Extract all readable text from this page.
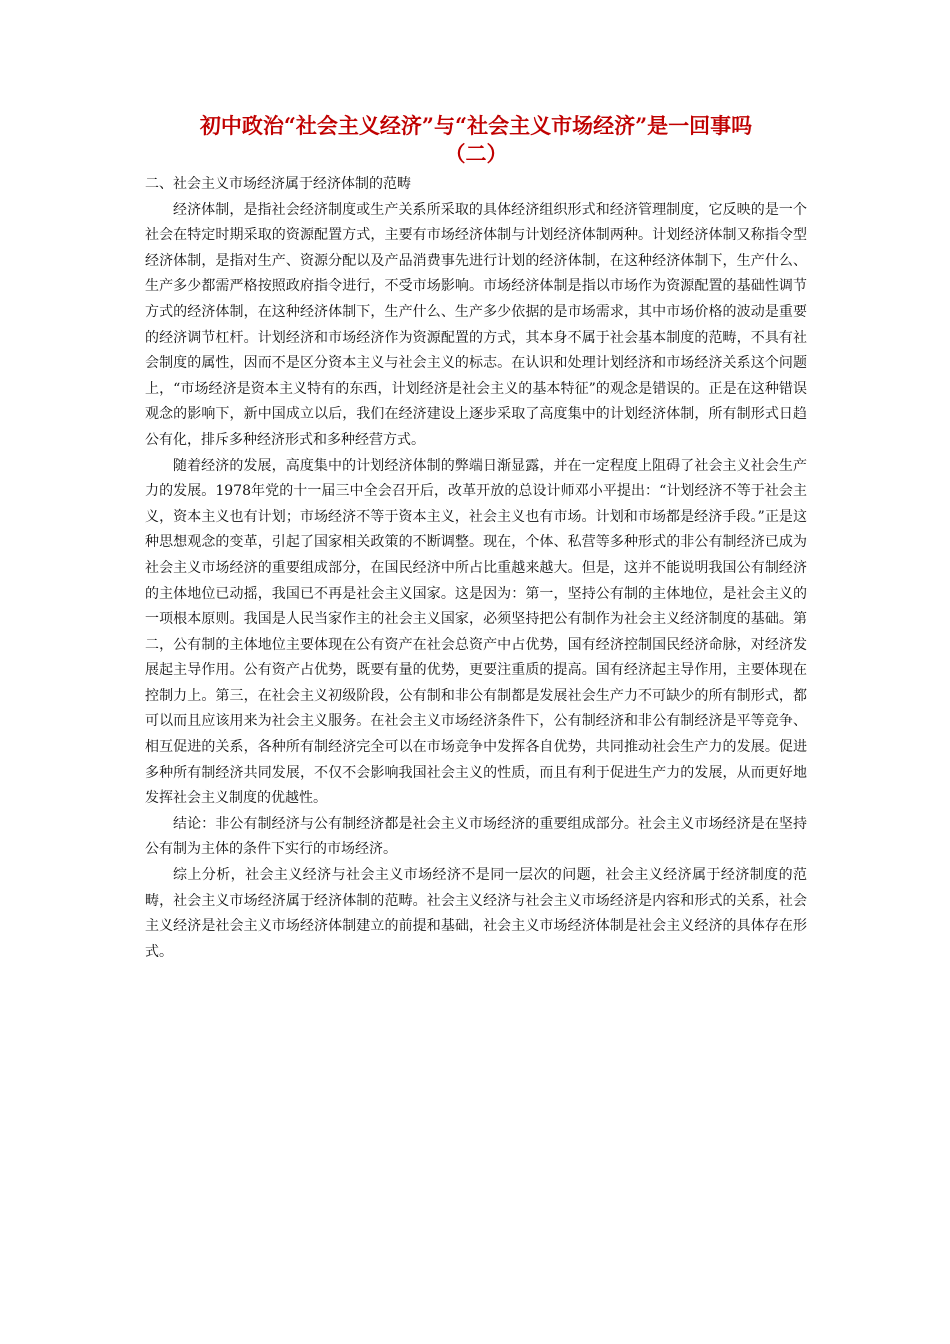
初中政治“社会主义经济”与“社会主义市场经济”是一回事吗
（二）

二、社会主义市场经济属于经济体制的范畴

经济体制，是指社会经济制度或生产关系所采取的具体经济组织形式和经济管理制度，它反映的是一个社会在特定时期采取的资源配置方式，主要有市场经济体制与计划经济体制两种。计划经济体制又称指令型经济体制，是指对生产、资源分配以及产品消费事先进行计划的经济体制，在这种经济体制下，生产什么、生产多少都需严格按照政府指令进行，不受市场影响。市场经济体制是指以市场作为资源配置的基础性调节方式的经济体制，在这种经济体制下，生产什么、生产多少依据的是市场需求，其中市场价格的波动是重要的经济调节杠杆。计划经济和市场经济作为资源配置的方式，其本身不属于社会基本制度的范畴，不具有社会制度的属性，因而不是区分资本主义与社会主义的标志。在认识和处理计划经济和市场经济关系这个问题上，“市场经济是资本主义特有的东西，计划经济是社会主义的基本特征”的观念是错误的。正是在这种错误观念的影响下，新中国成立以后，我们在经济建设上逐步采取了高度集中的计划经济体制，所有制形式日趋公有化，排斥多种经济形式和多种经营方式。

随着经济的发展，高度集中的计划经济体制的弊端日渐显露，并在一定程度上阻碍了社会主义社会生产力的发展。1978年党的十一届三中全会召开后，改革开放的总设计师邓小平提出：“计划经济不等于社会主义，资本主义也有计划；市场经济不等于资本主义，社会主义也有市场。计划和市场都是经济手段。”正是这种思想观念的变革，引起了国家相关政策的不断调整。现在，个体、私营等多种形式的非公有制经济已成为社会主义市场经济的重要组成部分，在国民经济中所占比重越来越大。但是，这并不能说明我国公有制经济的主体地位已动摇，我国已不再是社会主义国家。这是因为：第一，坚持公有制的主体地位，是社会主义的一项根本原则。我国是人民当家作主的社会主义国家，必须坚持把公有制作为社会主义经济制度的基础。第二，公有制的主体地位主要体现在公有资产在社会总资产中占优势，国有经济控制国民经济命脉，对经济发展起主导作用。公有资产占优势，既要有量的优势，更要注重质的提高。国有经济起主导作用，主要体现在控制力上。第三，在社会主义初级阶段，公有制和非公有制都是发展社会生产力不可缺少的所有制形式，都可以而且应该用来为社会主义服务。在社会主义市场经济条件下，公有制经济和非公有制经济是平等竞争、相互促进的关系，各种所有制经济完全可以在市场竞争中发挥各自优势，共同推动社会生产力的发展。促进多种所有制经济共同发展，不仅不会影响我国社会主义的性质，而且有利于促进生产力的发展，从而更好地发挥社会主义制度的优越性。

结论：非公有制经济与公有制经济都是社会主义市场经济的重要组成部分。社会主义市场经济是在坚持公有制为主体的条件下实行的市场经济。

综上分析，社会主义经济与社会主义市场经济不是同一层次的问题，社会主义经济属于经济制度的范畴，社会主义市场经济属于经济体制的范畴。社会主义经济与社会主义市场经济是内容和形式的关系，社会主义经济是社会主义市场经济体制建立的前提和基础，社会主义市场经济体制是社会主义经济的具体存在形式。
